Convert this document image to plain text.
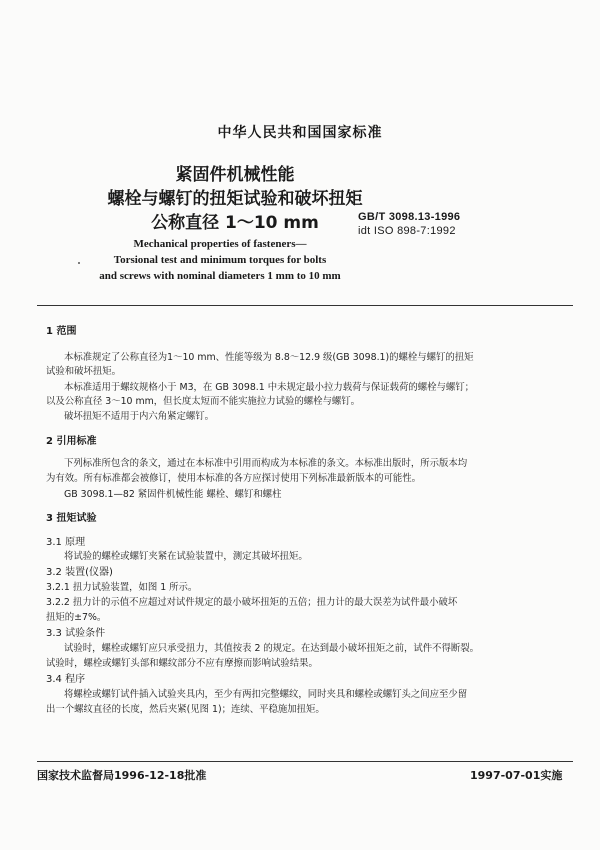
中华人民共和国国家标准
紧固件机械性能
螺栓与螺钉的扭矩试验和破坏扭矩
公称直径 1～10 mm	GB/T 3098.13-1996
idt ISO 898-7:1992
Mechanical properties of fasteners—
Torsional test and minimum torques for bolts
and screws with nominal diameters 1 mm to 10 mm
1 范围
本标准规定了公称直径为1～10 mm、性能等级为 8.8～12.9 级(GB 3098.1)的螺栓与螺钉的扭矩
试验和破坏扭矩。
本标准适用于螺纹规格小于 M3，在 GB 3098.1 中未规定最小拉力载荷与保证载荷的螺栓与螺钉；
以及公称直径 3～10 mm，但长度太短而不能实施拉力试验的螺栓与螺钉。
破坏扭矩不适用于内六角紧定螺钉。
2 引用标准
下列标准所包含的条文，通过在本标准中引用而构成为本标准的条文。本标准出版时，所示版本均
为有效。所有标准都会被修订，使用本标准的各方应探讨使用下列标准最新版本的可能性。
GB 3098.1—82 紧固件机械性能 螺栓、螺钉和螺柱
3 扭矩试验
3.1 原理
将试验的螺栓或螺钉夹紧在试验装置中，测定其破坏扭矩。
3.2 装置(仪器)
3.2.1 扭力试验装置，如图 1 所示。
3.2.2 扭力计的示值不应超过对试件规定的最小破坏扭矩的五倍；扭力计的最大误差为试件最小破坏
扭矩的±7%。
3.3 试验条件
试验时，螺栓或螺钉应只承受扭力，其值按表 2 的规定。在达到最小破坏扭矩之前，试件不得断裂。
试验时，螺栓或螺钉头部和螺纹部分不应有摩擦而影响试验结果。
3.4 程序
将螺栓或螺钉试件插入试验夹具内，至少有两扣完整螺纹，同时夹具和螺栓或螺钉头之间应至少留
出一个螺纹直径的长度，然后夹紧(见图 1)；连续、平稳施加扭矩。
国家技术监督局1996-12-18批准	1997-07-01实施
